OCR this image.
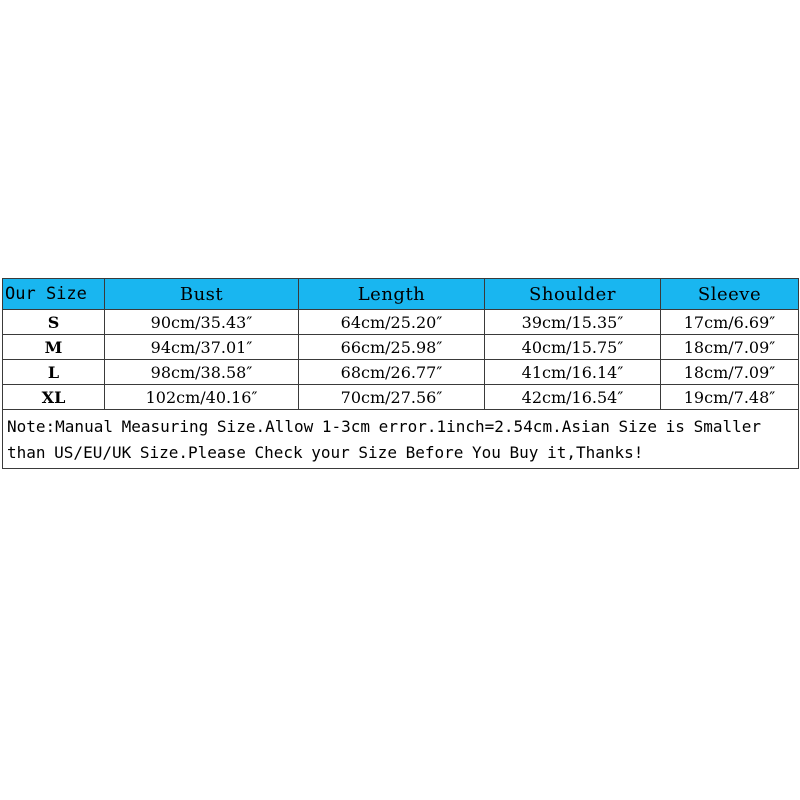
Our Size	Bust	Length	Shoulder	Sleeve
S	90cm/35.43″	64cm/25.20″	39cm/15.35″	17cm/6.69″
M	94cm/37.01″	66cm/25.98″	40cm/15.75″	18cm/7.09″
L	98cm/38.58″	68cm/26.77″	41cm/16.14″	18cm/7.09″
XL	102cm/40.16″	70cm/27.56″	42cm/16.54″	19cm/7.48″
Note:Manual Measuring Size.Allow 1-3cm error.1inch=2.54cm.Asian Size is Smaller than US/EU/UK Size.Please Check your Size Before You Buy it,Thanks!				
